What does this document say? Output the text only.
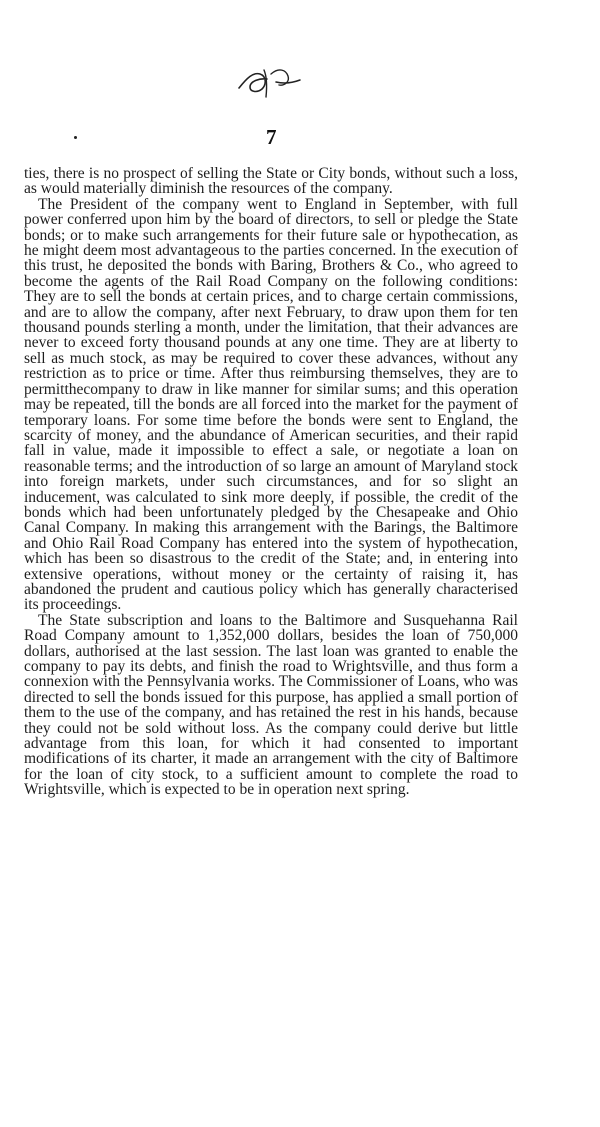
7

ties, there is no prospect of selling the State or City bonds, without such a loss, as would materially diminish the resources of the company.

The President of the company went to England in September, with full power conferred upon him by the board of directors, to sell or pledge the State bonds; or to make such arrangements for their future sale or hypothecation, as he might deem most advantageous to the parties concerned. In the execution of this trust, he deposited the bonds with Baring, Brothers & Co., who agreed to become the agents of the Rail Road Company on the following conditions: They are to sell the bonds at certain prices, and to charge certain commissions, and are to allow the company, after next February, to draw upon them for ten thousand pounds sterling a month, under the limitation, that their advances are never to exceed forty thousand pounds at any one time. They are at liberty to sell as much stock, as may be required to cover these advances, without any restriction as to price or time. After thus reimbursing themselves, they are to permitthecompany to draw in like manner for similar sums; and this operation may be repeated, till the bonds are all forced into the market for the payment of temporary loans. For some time before the bonds were sent to England, the scarcity of money, and the abundance of American securities, and their rapid fall in value, made it impossible to effect a sale, or negotiate a loan on reasonable terms; and the introduction of so large an amount of Maryland stock into foreign markets, under such circumstances, and for so slight an inducement, was calculated to sink more deeply, if possible, the credit of the bonds which had been unfortunately pledged by the Chesapeake and Ohio Canal Company. In making this arrangement with the Barings, the Baltimore and Ohio Rail Road Company has entered into the system of hypothecation, which has been so disastrous to the credit of the State; and, in entering into extensive operations, without money or the certainty of raising it, has abandoned the prudent and cautious policy which has generally characterised its proceedings.

The State subscription and loans to the Baltimore and Susquehanna Rail Road Company amount to 1,352,000 dollars, besides the loan of 750,000 dollars, authorised at the last session. The last loan was granted to enable the company to pay its debts, and finish the road to Wrightsville, and thus form a connexion with the Pennsylvania works. The Commissioner of Loans, who was directed to sell the bonds issued for this purpose, has applied a small portion of them to the use of the company, and has retained the rest in his hands, because they could not be sold without loss. As the company could derive but little advantage from this loan, for which it had consented to important modifications of its charter, it made an arrangement with the city of Baltimore for the loan of city stock, to a sufficient amount to complete the road to Wrightsville, which is expected to be in operation next spring.
